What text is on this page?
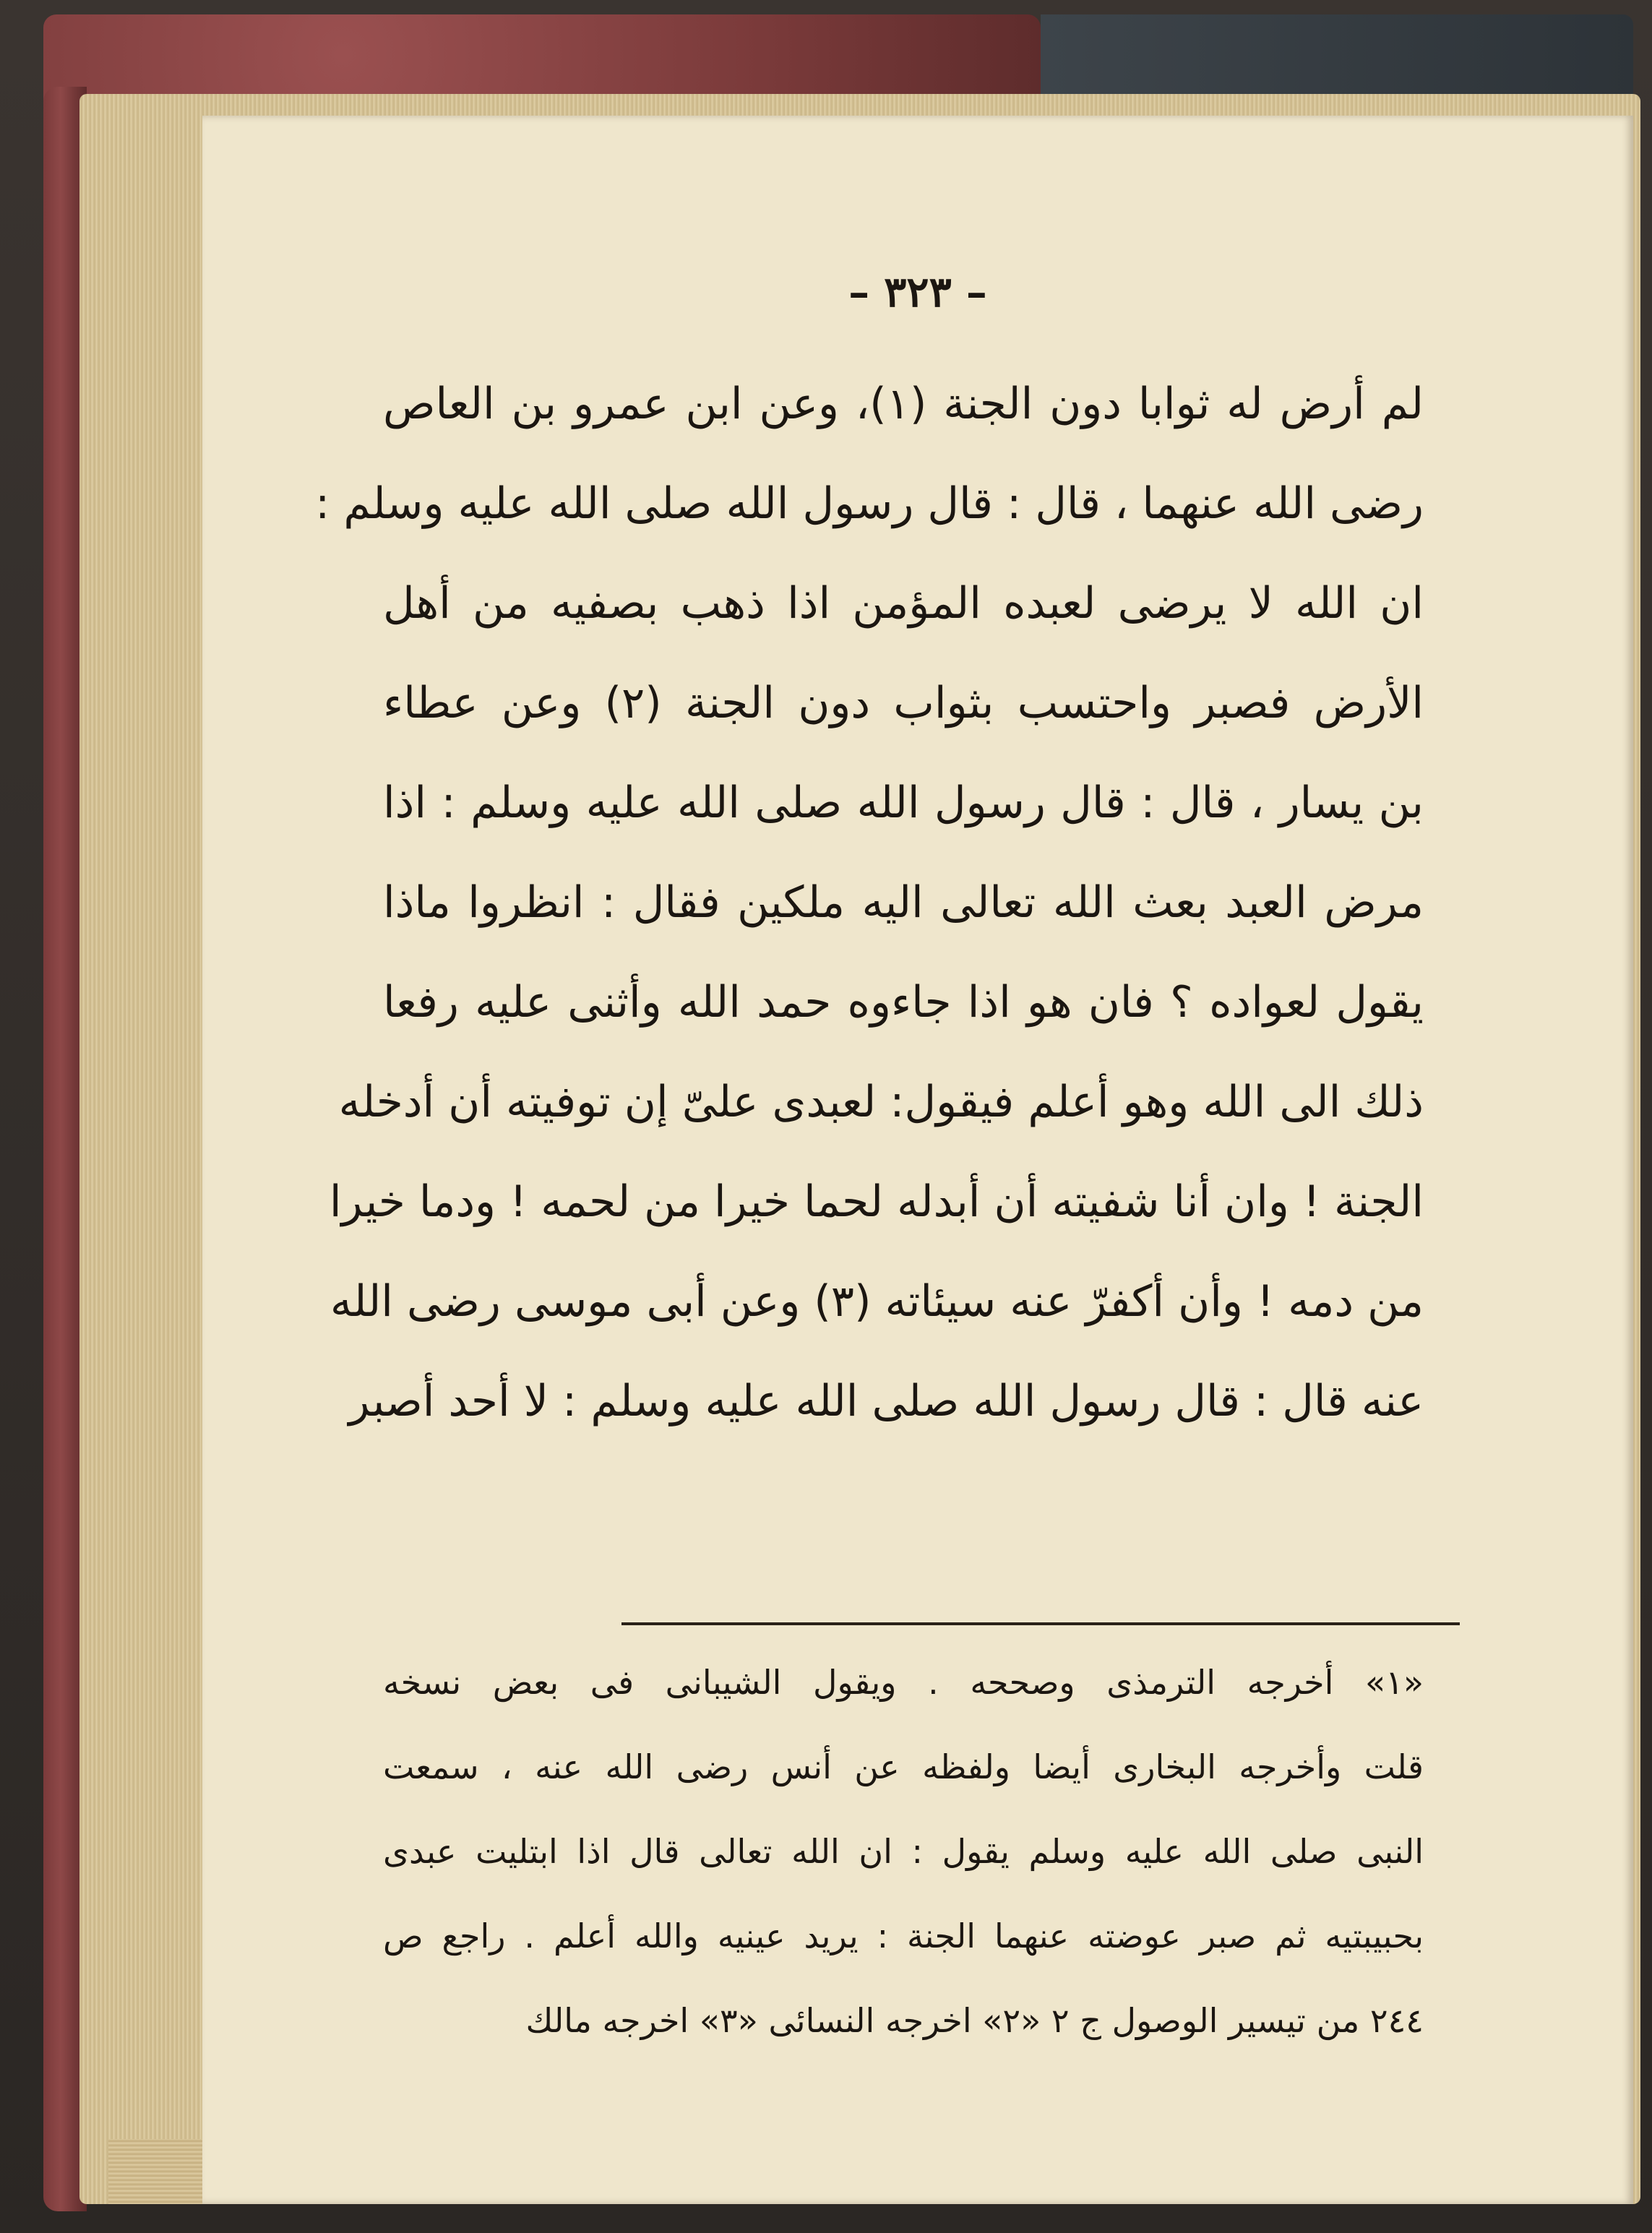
– ٣٢٣ –
لم أرض له ثوابا دون الجنة (١)، وعن ابن عمرو بن العاص
رضى الله عنهما ، قال : قال رسول الله صلى الله عليه وسلم :
ان الله لا يرضى لعبده المؤمن اذا ذهب بصفيه من أهل
الأرض فصبر واحتسب بثواب دون الجنة (٢) وعن عطاء
بن يسار ، قال : قال رسول الله صلى الله عليه وسلم : اذا
مرض العبد بعث الله تعالى اليه ملكين فقال : انظروا ماذا
يقول لعواده ؟ فان هو اذا جاءوه حمد الله وأثنى عليه رفعا
ذلك الى الله وهو أعلم فيقول: لعبدى علىّ إن توفيته أن أدخله
الجنة ! وان أنا شفيته أن أبدله لحما خيرا من لحمه ! ودما خيرا
من دمه ! وأن أكفرّ عنه سيئاته (٣) وعن أبى موسى رضى الله
عنه قال : قال رسول الله صلى الله عليه وسلم : لا أحد أصبر
«١» أخرجه الترمذى وصححه . ويقول الشيبانى فى بعض نسخه
قلت وأخرجه البخارى أيضا ولفظه عن أنس رضى الله عنه ، سمعت
النبى صلى الله عليه وسلم يقول : ان الله تعالى قال اذا ابتليت عبدى
بحبيبتيه ثم صبر عوضته عنهما الجنة : يريد عينيه والله أعلم . راجع ص
٢٤٤ من تيسير الوصول ج ٢ «٢» اخرجه النسائى «٣» اخرجه مالك
